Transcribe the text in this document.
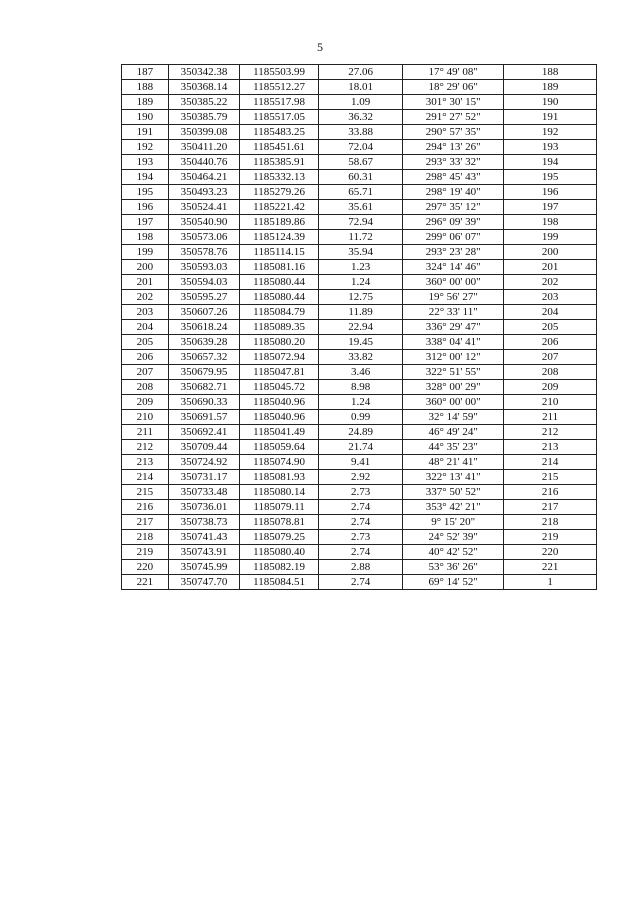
5
187	350342.38	1185503.99	27.06	17° 49' 08"	188
188	350368.14	1185512.27	18.01	18° 29' 06"	189
189	350385.22	1185517.98	1.09	301° 30' 15"	190
190	350385.79	1185517.05	36.32	291° 27' 52"	191
191	350399.08	1185483.25	33.88	290° 57' 35"	192
192	350411.20	1185451.61	72.04	294° 13' 26"	193
193	350440.76	1185385.91	58.67	293° 33' 32"	194
194	350464.21	1185332.13	60.31	298° 45' 43"	195
195	350493.23	1185279.26	65.71	298° 19' 40"	196
196	350524.41	1185221.42	35.61	297° 35' 12"	197
197	350540.90	1185189.86	72.94	296° 09' 39"	198
198	350573.06	1185124.39	11.72	299° 06' 07"	199
199	350578.76	1185114.15	35.94	293° 23' 28"	200
200	350593.03	1185081.16	1.23	324° 14' 46"	201
201	350594.03	1185080.44	1.24	360° 00' 00"	202
202	350595.27	1185080.44	12.75	19° 56' 27"	203
203	350607.26	1185084.79	11.89	22° 33' 11"	204
204	350618.24	1185089.35	22.94	336° 29' 47"	205
205	350639.28	1185080.20	19.45	338° 04' 41"	206
206	350657.32	1185072.94	33.82	312° 00' 12"	207
207	350679.95	1185047.81	3.46	322° 51' 55"	208
208	350682.71	1185045.72	8.98	328° 00' 29"	209
209	350690.33	1185040.96	1.24	360° 00' 00"	210
210	350691.57	1185040.96	0.99	32° 14' 59"	211
211	350692.41	1185041.49	24.89	46° 49' 24"	212
212	350709.44	1185059.64	21.74	44° 35' 23"	213
213	350724.92	1185074.90	9.41	48° 21' 41"	214
214	350731.17	1185081.93	2.92	322° 13' 41"	215
215	350733.48	1185080.14	2.73	337° 50' 52"	216
216	350736.01	1185079.11	2.74	353° 42' 21"	217
217	350738.73	1185078.81	2.74	9° 15' 20"	218
218	350741.43	1185079.25	2.73	24° 52' 39"	219
219	350743.91	1185080.40	2.74	40° 42' 52"	220
220	350745.99	1185082.19	2.88	53° 36' 26"	221
221	350747.70	1185084.51	2.74	69° 14' 52"	1
